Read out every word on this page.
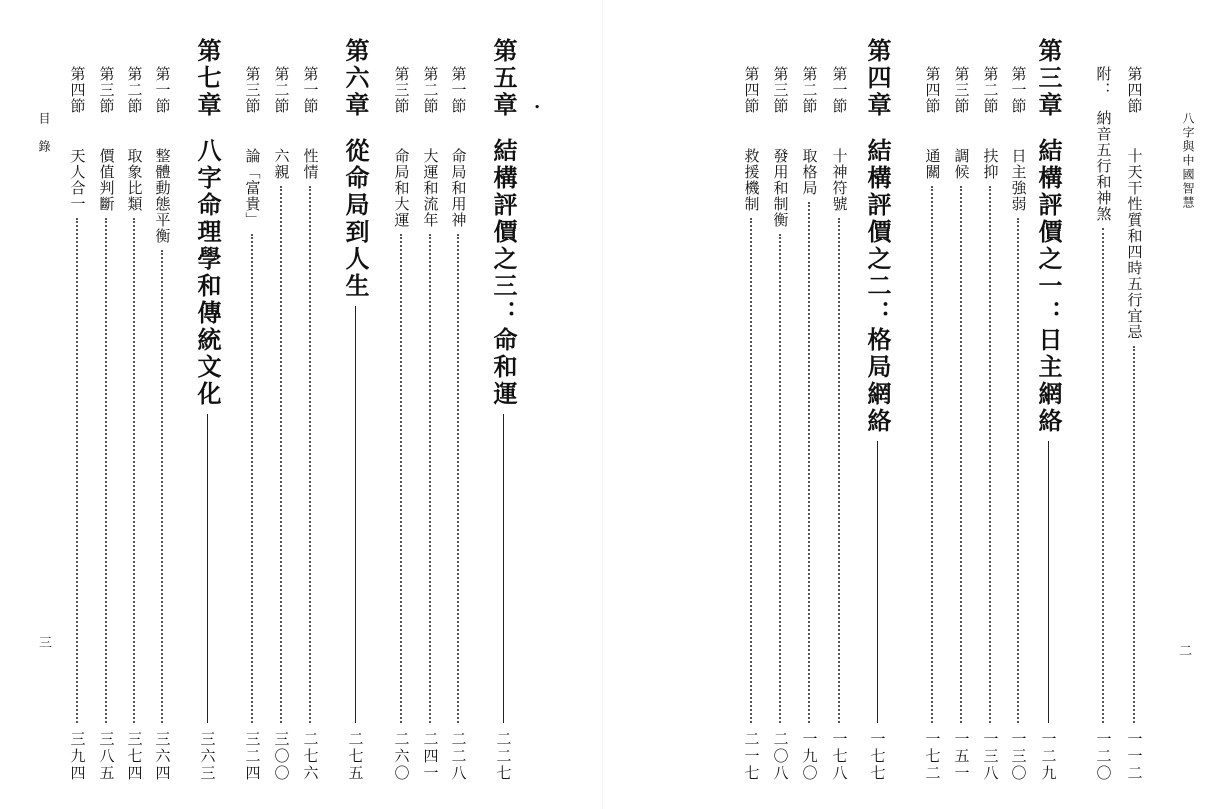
目　錄
三
.
第五章
結構評價之三：命和運
二二七
第一節
命局和用神
二二八
第二節
大運和流年
二四一
第三節
命局和大運
二六〇
第六章
從命局到人生
二七五
第一節
性情
二七六
第二節
六親
三〇〇
第三節
論「富貴」
三二四
第七章
八字命理學和傳統文化
三六三
第一節
整體動態平衡
三六四
第二節
取象比類
三七四
第三節
價值判斷
三八五
第四節
天人合一
三九四
八字與中國智慧
二
第四節
十天干性質和四時五行宜忌
一一二
附：
納音五行和神煞
一二〇
第三章
結構評價之一：日主網絡
一二九
第一節
日主強弱
一三〇
第二節
扶抑
一三八
第三節
調候
一五一
第四節
通關
一七二
第四章
結構評價之二：格局網絡
一七七
第一節
十神符號
一七八
第二節
取格局
一九〇
第三節
發用和制衡
二〇八
第四節
救援機制
二一七
